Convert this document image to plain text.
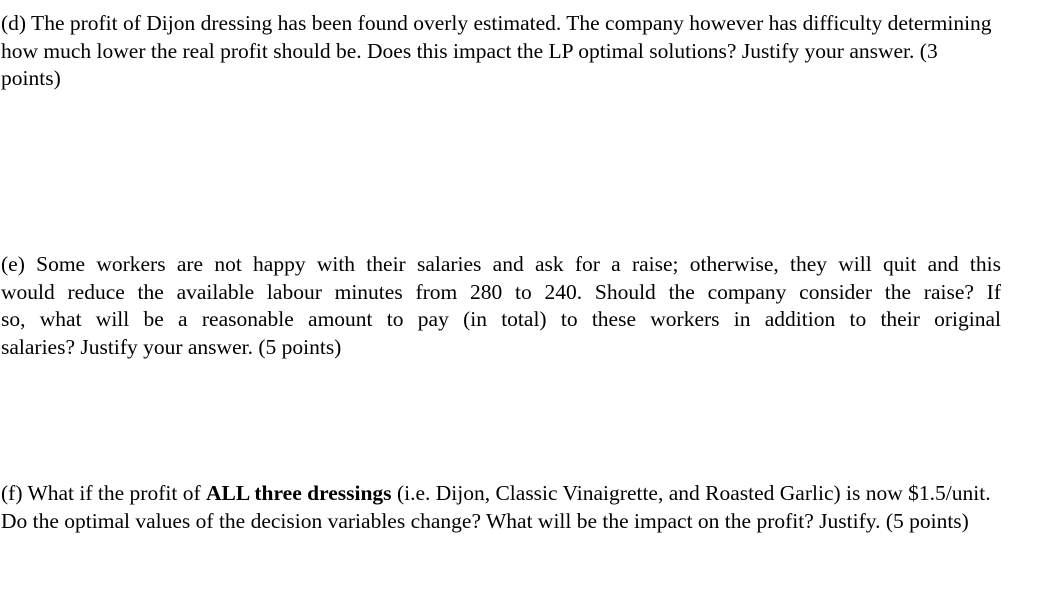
(d) The profit of Dijon dressing has been found overly estimated. The company however has difficulty determining how much lower the real profit should be. Does this impact the LP optimal solutions? Justify your answer. (3 points)

(e) Some workers are not happy with their salaries and ask for a raise; otherwise, they will quit and this
would reduce the available labour minutes from 280 to 240. Should the company consider the raise? If
so, what will be a reasonable amount to pay (in total) to these workers in addition to their original
salaries? Justify your answer. (5 points)

(f) What if the profit of ALL three dressings (i.e. Dijon, Classic Vinaigrette, and Roasted Garlic) is now $1.5/unit. Do the optimal values of the decision variables change? What will be the impact on the profit? Justify. (5 points)
